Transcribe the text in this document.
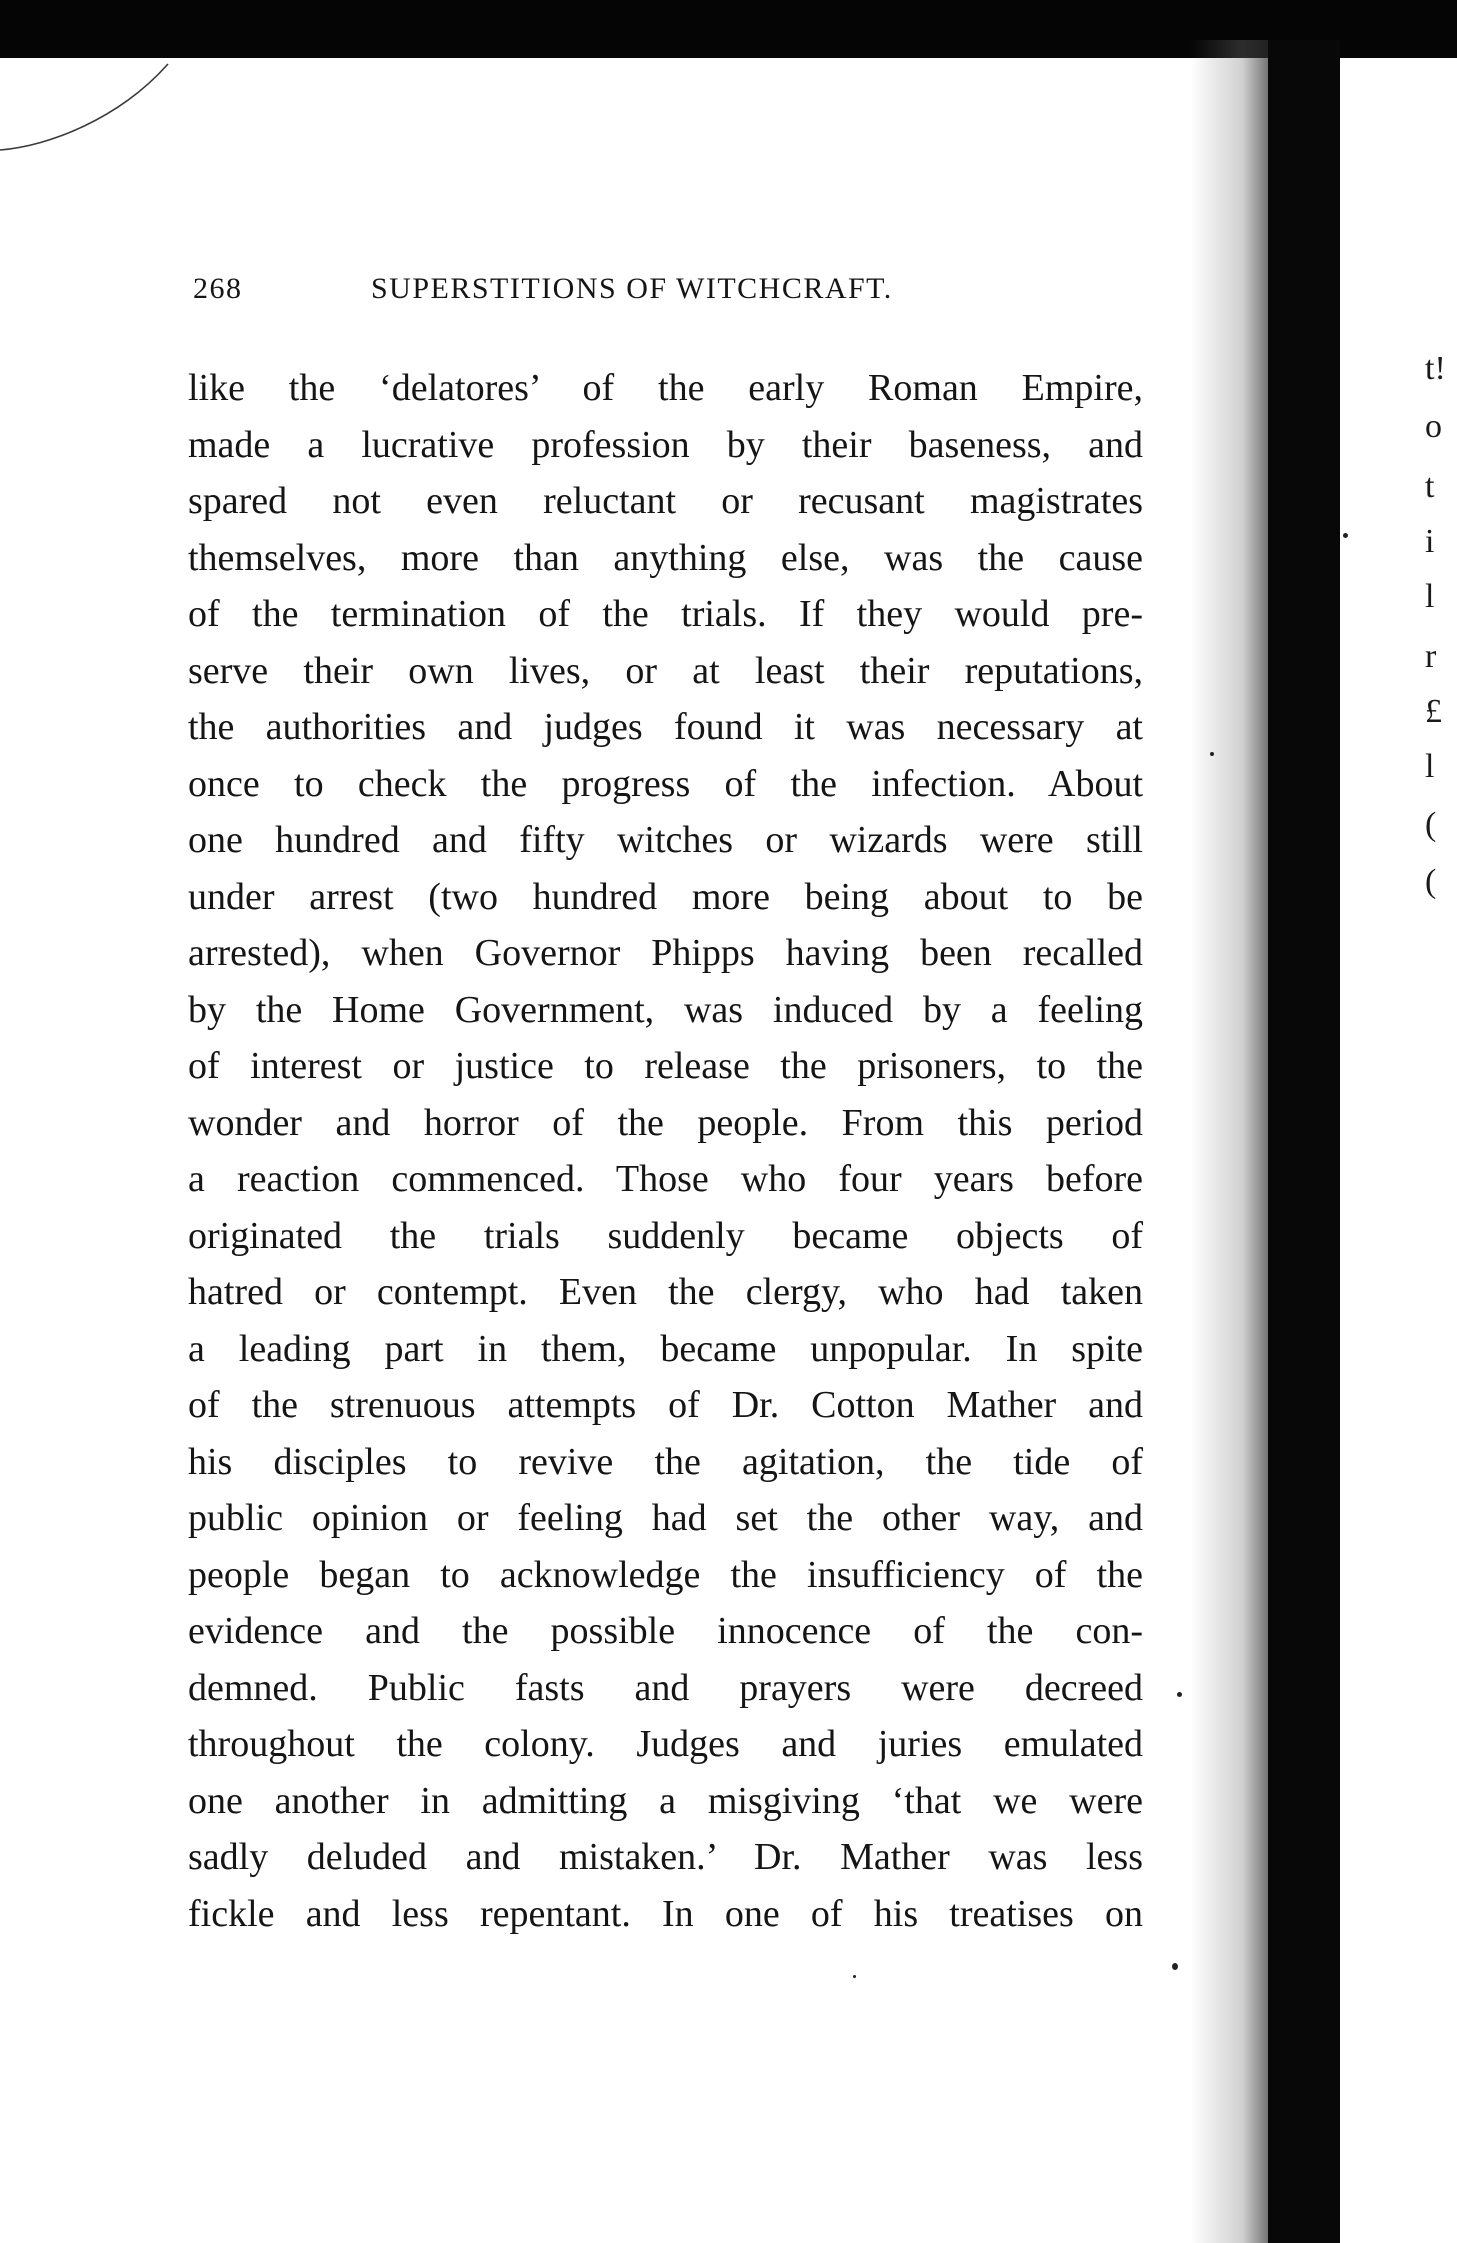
268	SUPERSTITIONS OF WITCHCRAFT.
like the ‘delatores’ of the early Roman Empire,
made a lucrative profession by their baseness, and
spared not even reluctant or recusant magistrates
themselves, more than anything else, was the cause
of the termination of the trials. If they would pre-
serve their own lives, or at least their reputations,
the authorities and judges found it was necessary at
once to check the progress of the infection. About
one hundred and fifty witches or wizards were still
under arrest (two hundred more being about to be
arrested), when Governor Phipps having been recalled
by the Home Government, was induced by a feeling
of interest or justice to release the prisoners, to the
wonder and horror of the people. From this period
a reaction commenced. Those who four years before
originated the trials suddenly became objects of
hatred or contempt. Even the clergy, who had taken
a leading part in them, became unpopular. In spite
of the strenuous attempts of Dr. Cotton Mather and
his disciples to revive the agitation, the tide of
public opinion or feeling had set the other way, and
people began to acknowledge the insufficiency of the
evidence and the possible innocence of the con-
demned. Public fasts and prayers were decreed
throughout the colony. Judges and juries emulated
one another in admitting a misgiving ‘that we were
sadly deluded and mistaken.’ Dr. Mather was less
fickle and less repentant. In one of his treatises on
t!
o
t
i
l
r
£
l
(
(
